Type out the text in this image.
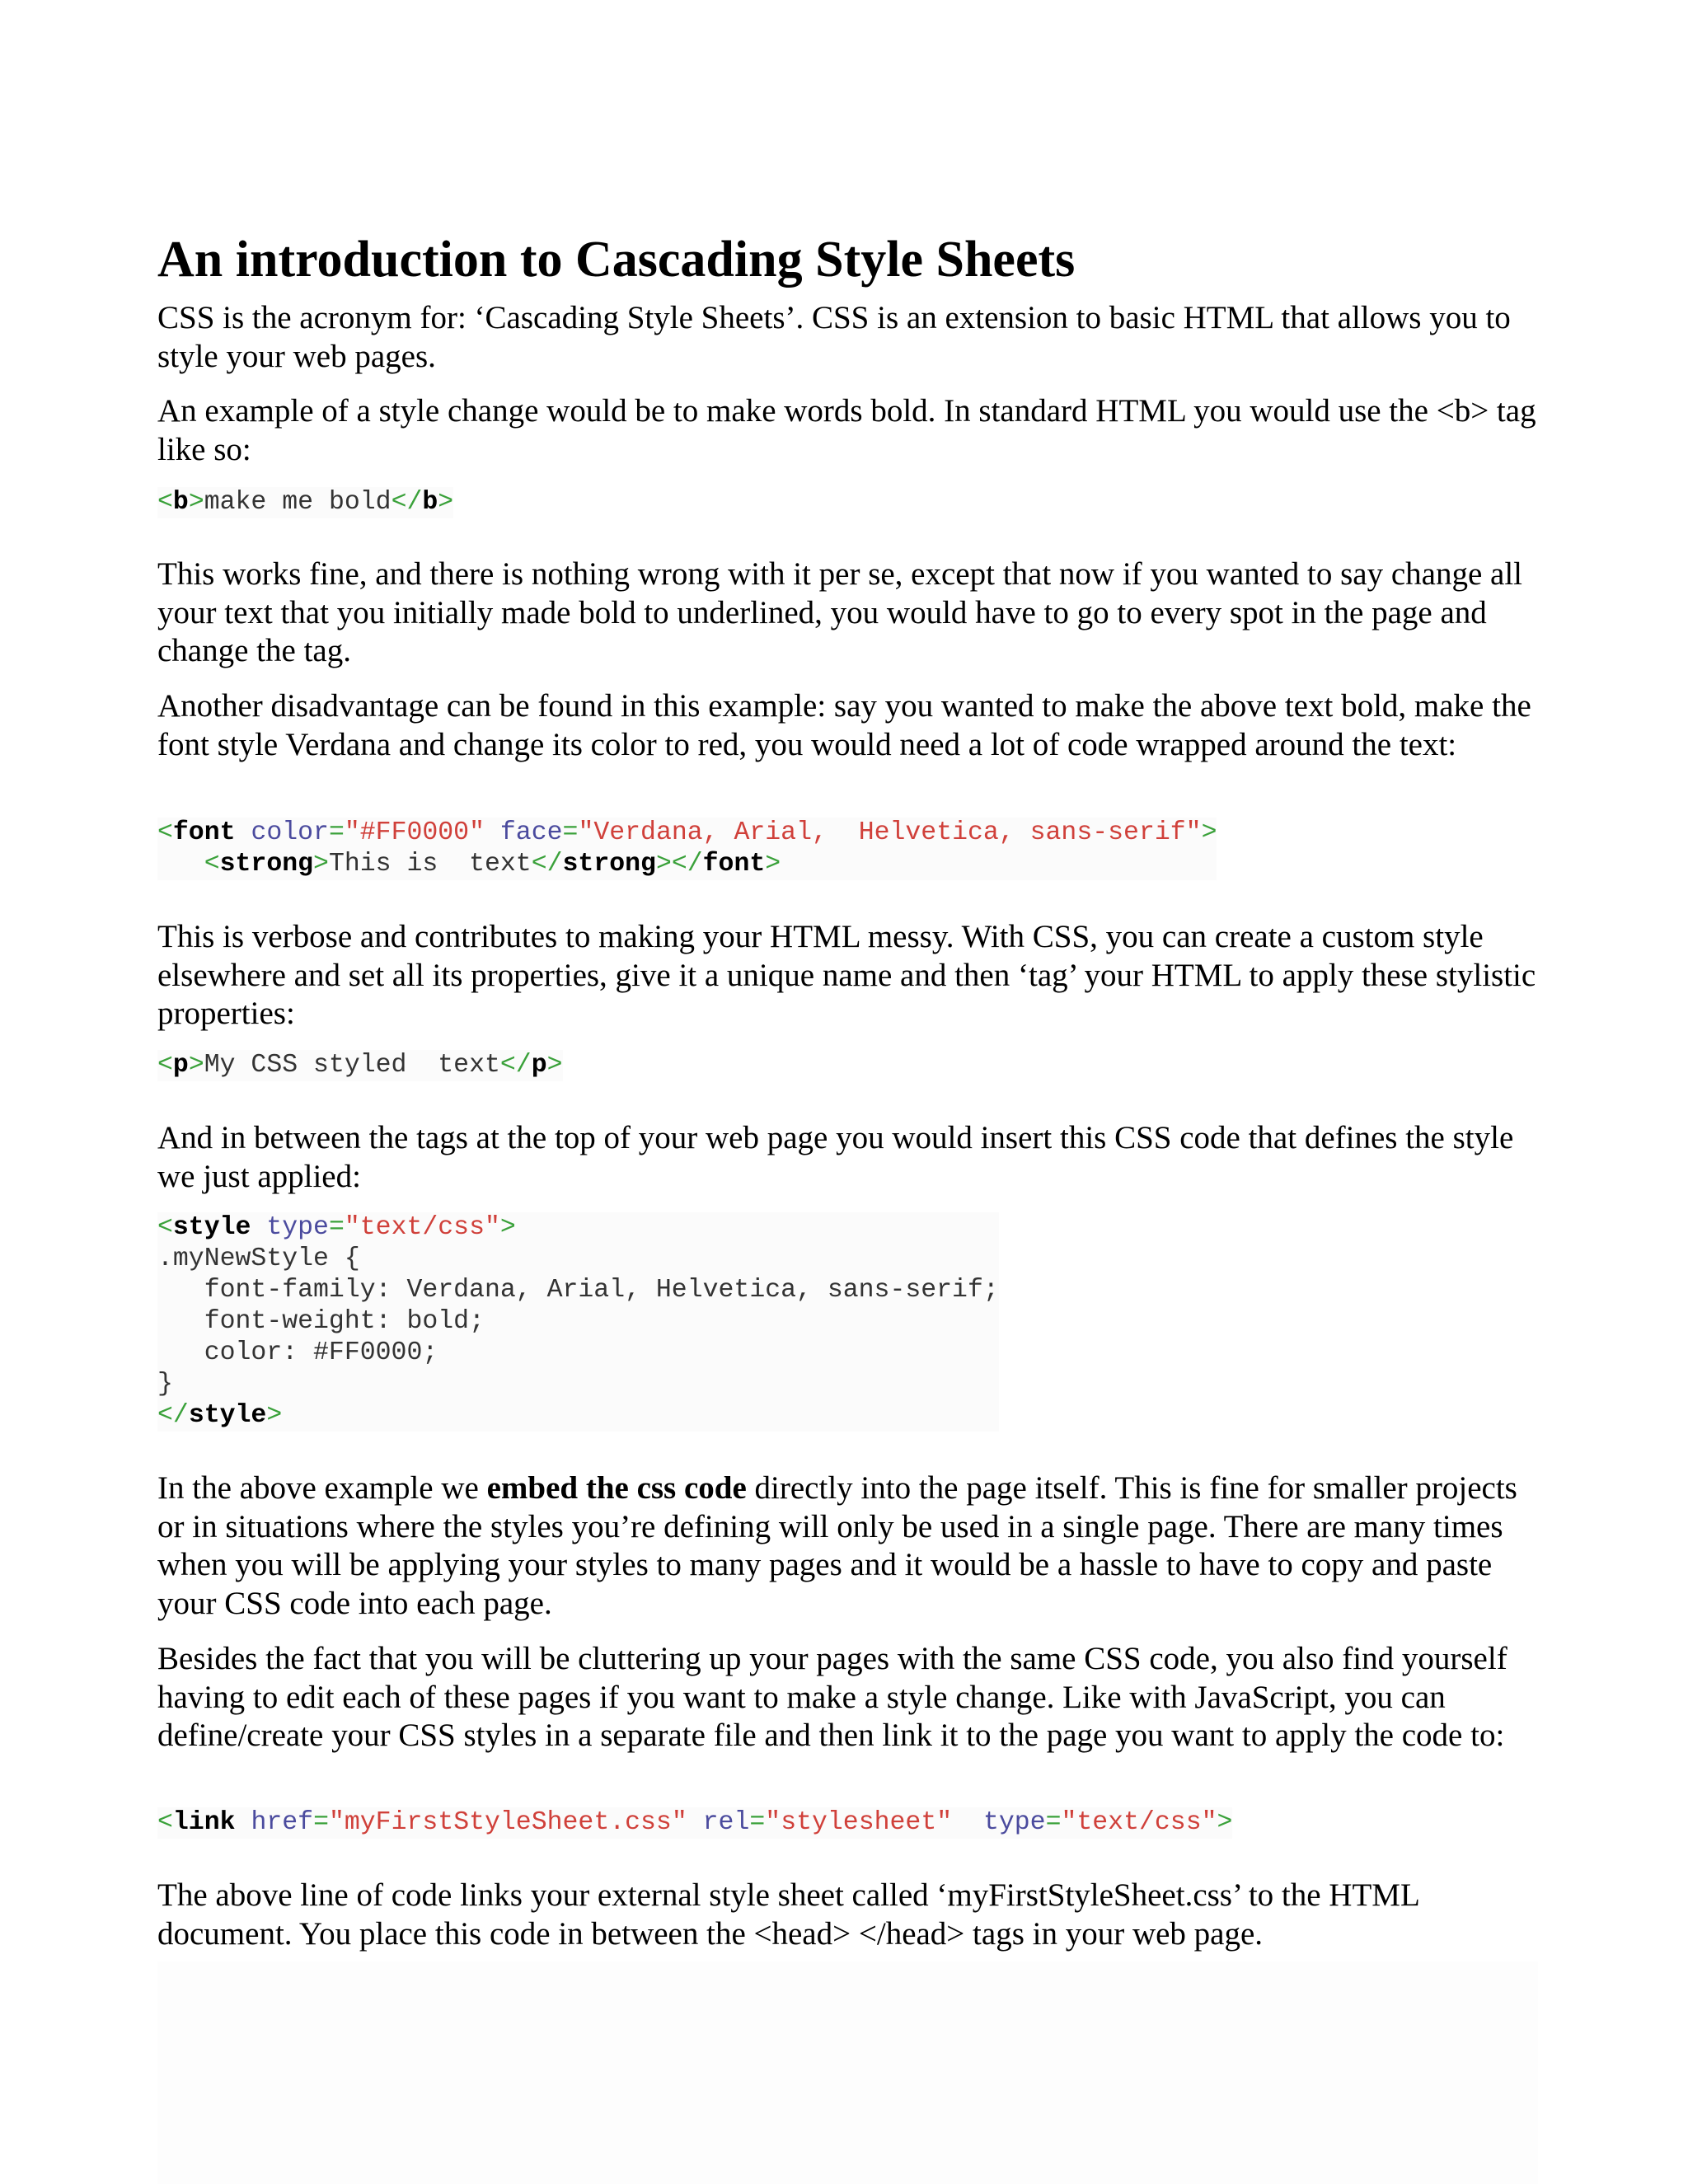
An introduction to Cascading Style Sheets

CSS is the acronym for: ‘Cascading Style Sheets’. CSS is an extension to basic HTML that allows you to style your web pages.

An example of a style change would be to make words bold. In standard HTML you would use the <b> tag like so:

<b>make me bold</b>

This works fine, and there is nothing wrong with it per se, except that now if you wanted to say change all your text that you initially made bold to underlined, you would have to go to every spot in the page and change the tag.

Another disadvantage can be found in this example: say you wanted to make the above text bold, make the font style Verdana and change its color to red, you would need a lot of code wrapped around the text:

<font color="#FF0000" face="Verdana, Arial,  Helvetica, sans-serif">
<strong>This is  text</strong></font>

This is verbose and contributes to making your HTML messy. With CSS, you can create a custom style elsewhere and set all its properties, give it a unique name and then ‘tag’ your HTML to apply these stylistic properties:

<p>My CSS styled  text</p>

And in between the tags at the top of your web page you would insert this CSS code that defines the style we just applied:

<style type="text/css">
.myNewStyle {
font-family: Verdana, Arial, Helvetica, sans-serif;
font-weight: bold;
color: #FF0000;
}
</style>

In the above example we embed the css code directly into the page itself. This is fine for smaller projects or in situations where the styles you’re defining will only be used in a single page. There are many times when you will be applying your styles to many pages and it would be a hassle to have to copy and paste your CSS code into each page.

Besides the fact that you will be cluttering up your pages with the same CSS code, you also find yourself having to edit each of these pages if you want to make a style change. Like with JavaScript, you can define/create your CSS styles in a separate file and then link it to the page you want to apply the code to:

<link href="myFirstStyleSheet.css" rel="stylesheet" type="text/css">

The above line of code links your external style sheet called ‘myFirstStyleSheet.css’ to the HTML document. You place this code in between the <head> </head> tags in your web page.
